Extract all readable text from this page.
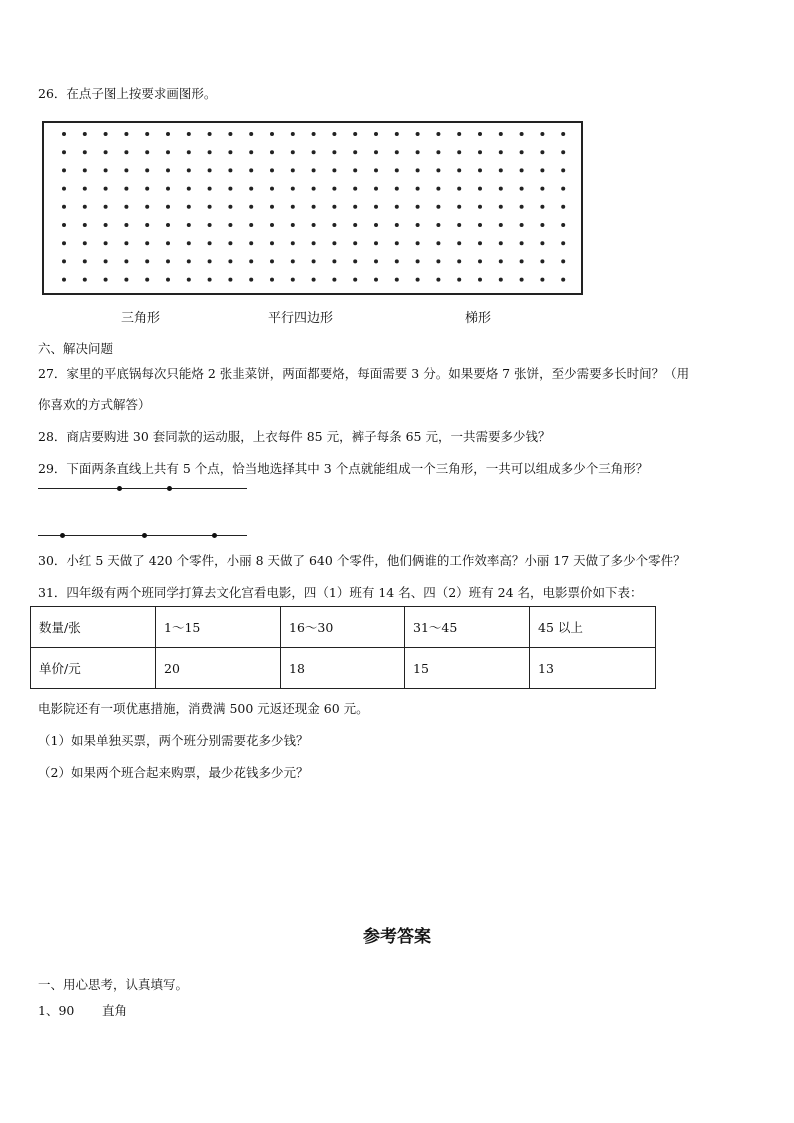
26．在点子图上按要求画图形。
三角形	平行四边形	梯形
六、解决问题
27．家里的平底锅每次只能烙 2 张韭菜饼，两面都要烙，每面需要 3 分。如果要烙 7 张饼，至少需要多长时间？（用
你喜欢的方式解答）
28．商店要购进 30 套同款的运动服，上衣每件 85 元，裤子每条 65 元，一共需要多少钱？
29．下面两条直线上共有 5 个点，恰当地选择其中 3 个点就能组成一个三角形，一共可以组成多少个三角形？
30．小红 5 天做了 420 个零件，小丽 8 天做了 640 个零件，他们俩谁的工作效率高？小丽 17 天做了多少个零件？
31．四年级有两个班同学打算去文化宫看电影，四（1）班有 14 名、四（2）班有 24 名，电影票价如下表：
数量/张	1～15	16～30	31～45	45 以上
单价/元	20	18	15	13
电影院还有一项优惠措施，消费满 500 元返还现金 60 元。
（1）如果单独买票，两个班分别需要花多少钱？
（2）如果两个班合起来购票，最少花钱多少元？
参考答案
一、用心思考，认真填写。
1、90 直角
